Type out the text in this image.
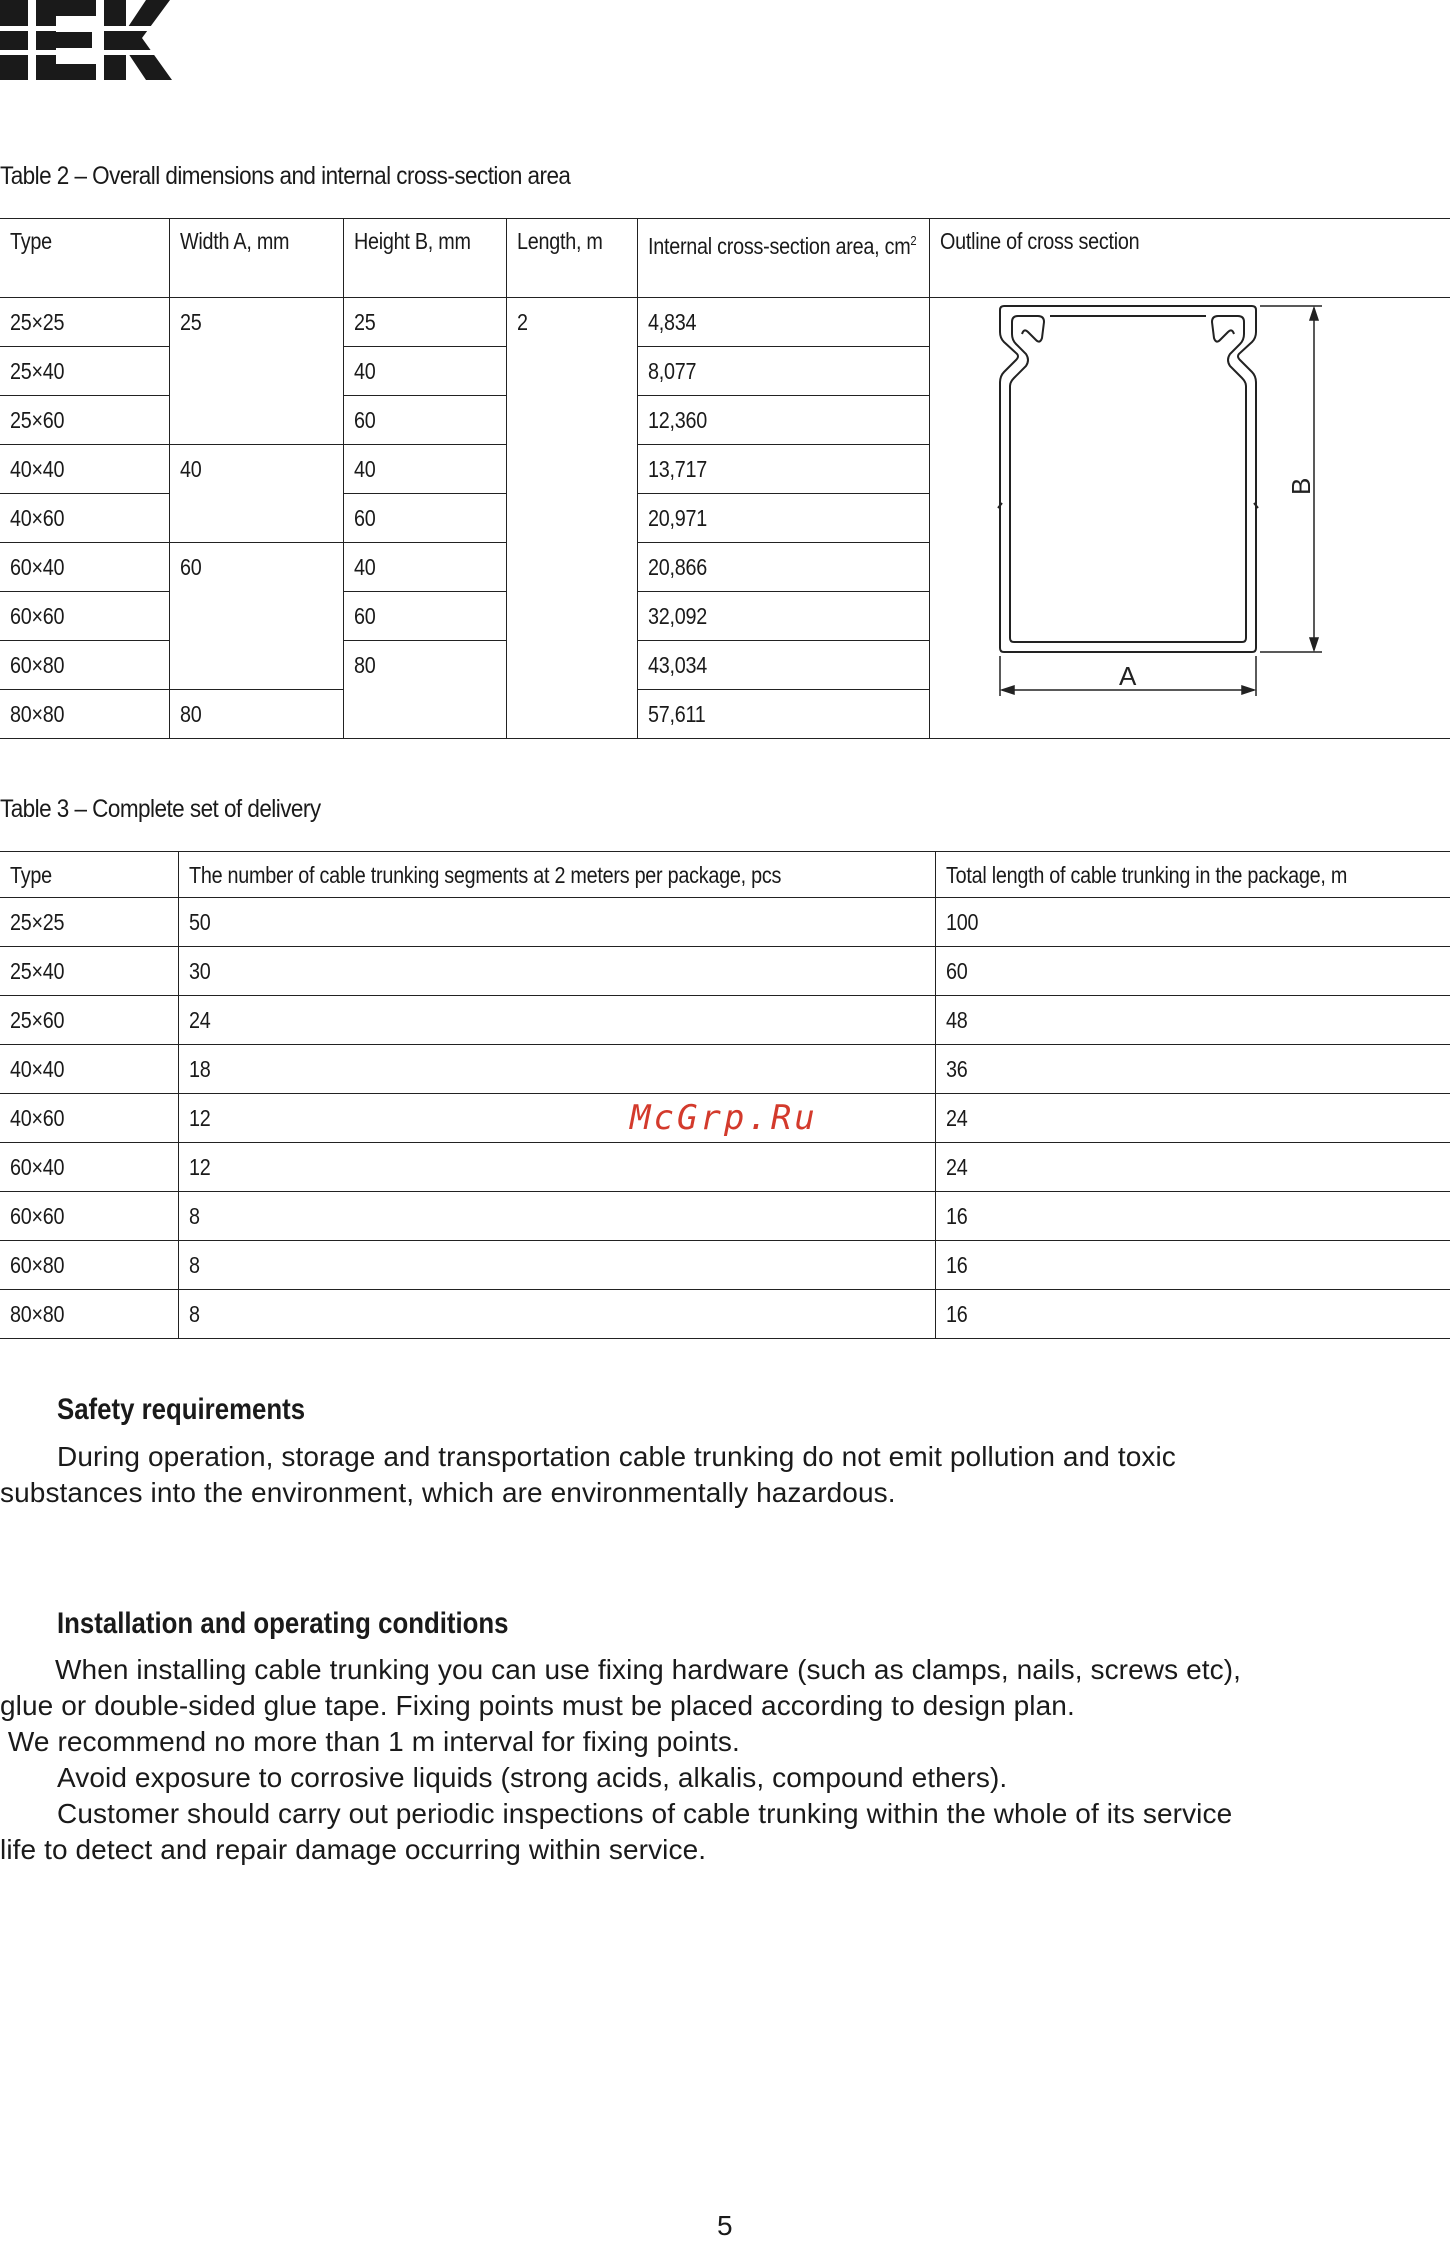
Table 2 – Overall dimensions and internal cross-section area
Type	Width A, mm	Height B, mm	Length, m	Internal cross-section area, $cm^2$	Outline of cross section
25×25	25	25	2	4,834	B
A

25×40		40		8,077	
25×60		60		12,360	
40×40	40	40		13,717	
40×60		60		20,971	
60×40	60	40		20,866	
60×60		60		32,092	
60×80		80		43,034	
80×80	80			57,611	
Table 3 – Complete set of delivery
Type	The number of cable trunking segments at 2 meters per package, pcs	Total length of cable trunking in the package, m
25×25	50	100
25×40	30	60
25×60	24	48
40×40	18	36
40×60	12	24
60×40	12	24
60×60	8	16
60×80	8	16
80×80	8	16
McGrp.Ru
Safety requirements
During operation, storage and transportation cable trunking do not emit pollution and toxic
substances into the environment, which are environmentally hazardous.
Installation and operating conditions
When installing cable trunking you can use fixing hardware (such as clamps, nails, screws etc),
glue or double-sided glue tape. Fixing points must be placed according to design plan.
We recommend no more than 1 m interval for fixing points.
Avoid exposure to corrosive liquids (strong acids, alkalis, compound ethers).
Customer should carry out periodic inspections of cable trunking within the whole of its service
life to detect and repair damage occurring within service.
5
